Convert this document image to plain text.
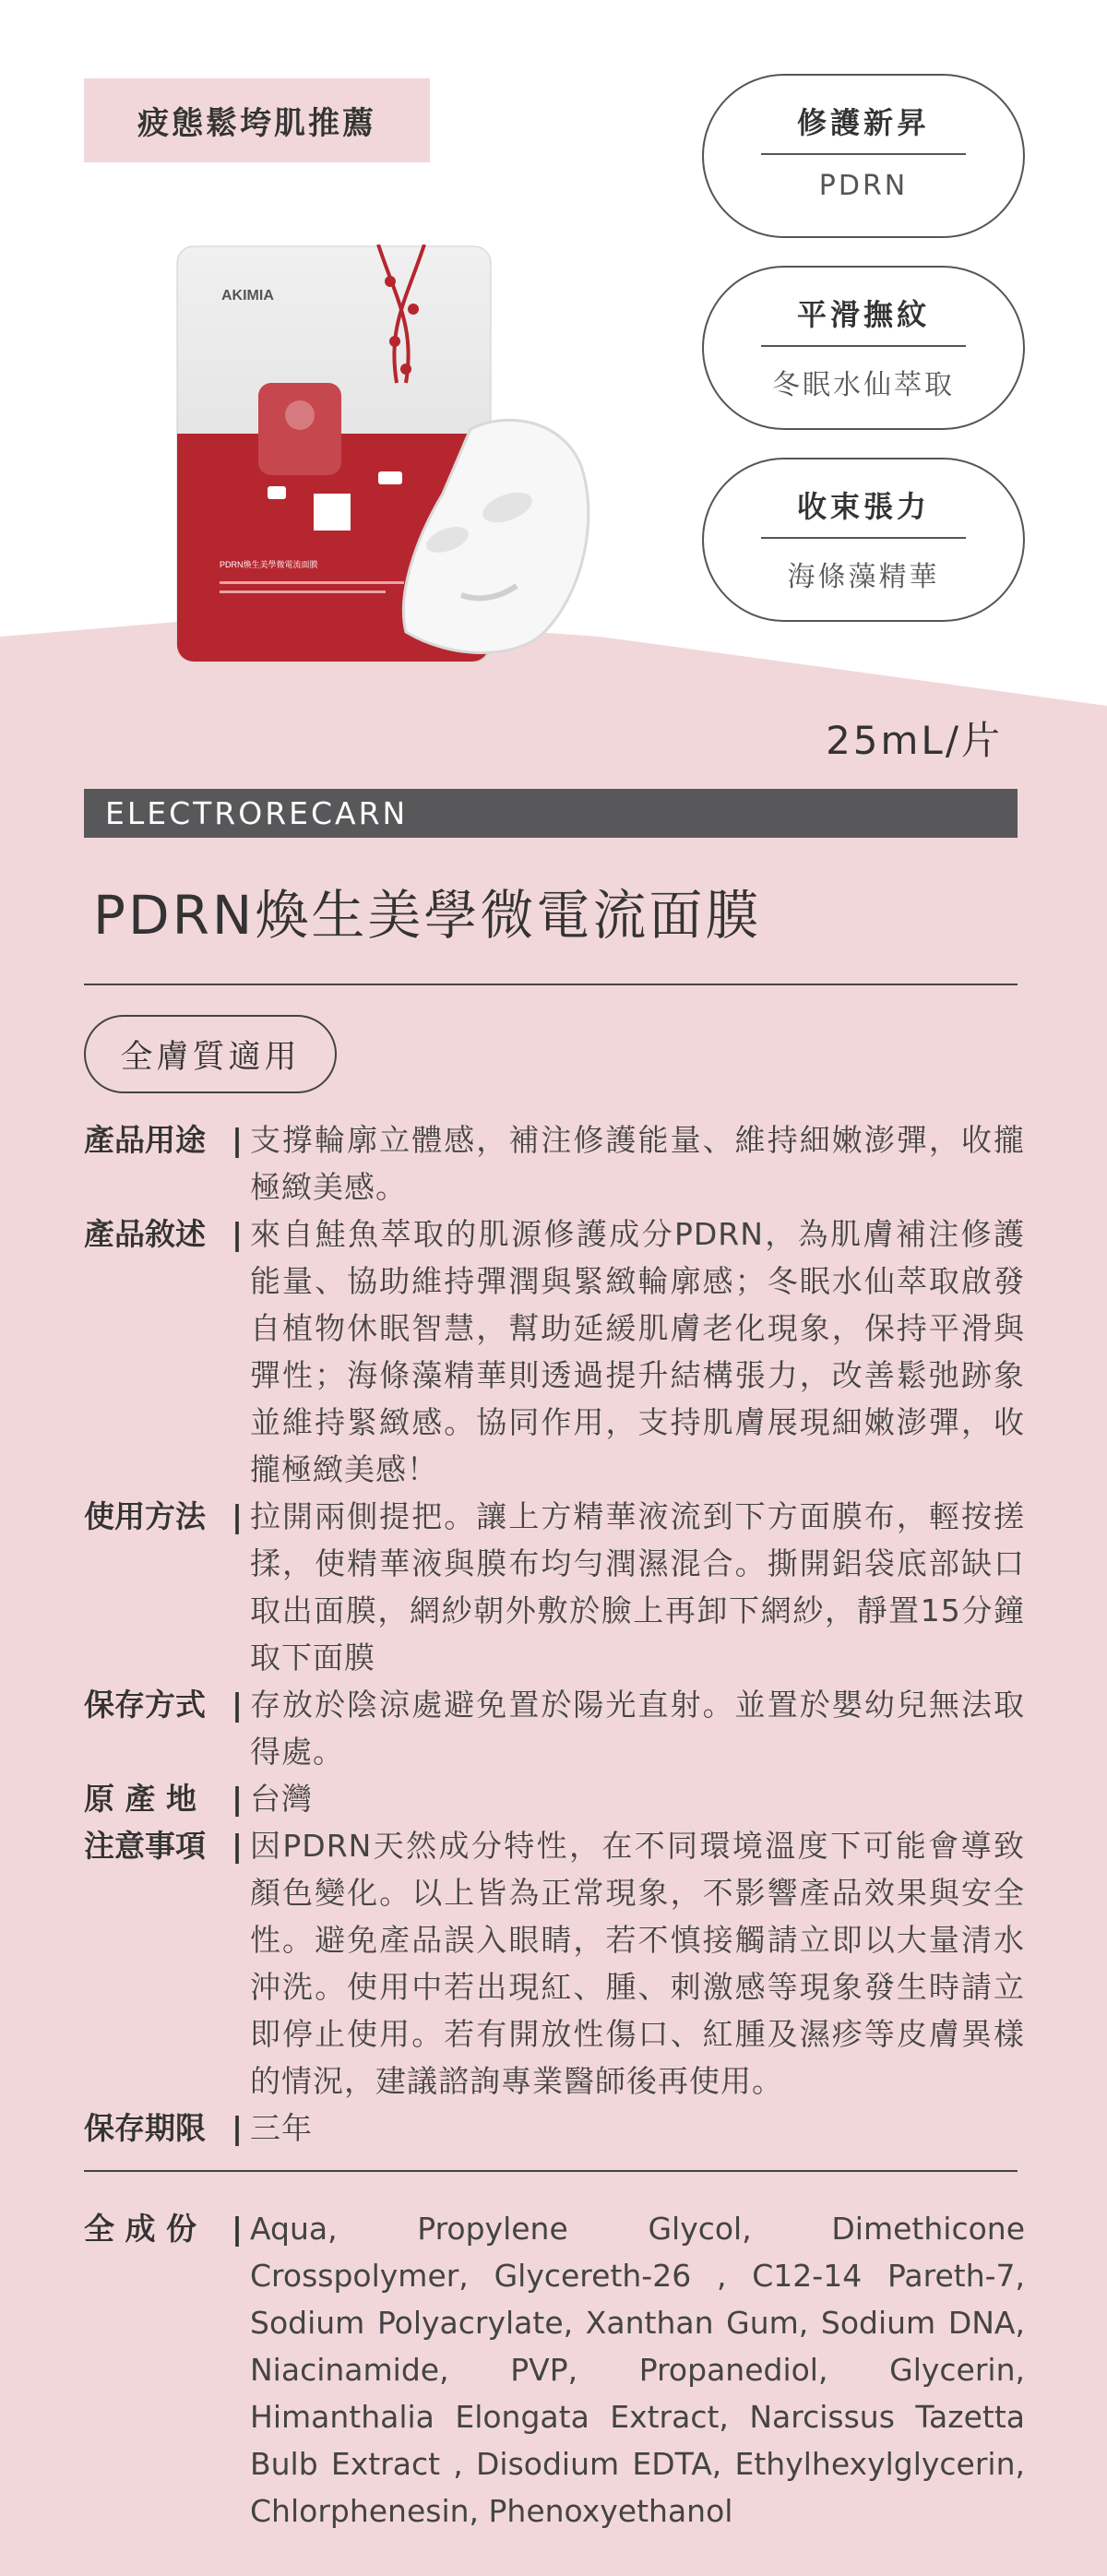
疲態鬆垮肌推薦	修護新昇
PDRN
平滑撫紋
冬眠水仙萃取
收束張力
海條藻精華
AKIMIA
PDRN煥生美學微電流面膜
25mL/片
ELECTRORECARN
PDRN煥生美學微電流面膜
全膚質適用
產品用途 | 支撐輪廓立體感，補注修護能量、維持細嫩澎彈，收攏極緻美感。
產品敘述 | 來自鮭魚萃取的肌源修護成分PDRN，為肌膚補注修護能量、協助維持彈潤與緊緻輪廓感；冬眠水仙萃取啟發自植物休眠智慧，幫助延緩肌膚老化現象，保持平滑與彈性；海條藻精華則透過提升結構張力，改善鬆弛跡象並維持緊緻感。協同作用，支持肌膚展現細嫩澎彈，收攏極緻美感！
使用方法 | 拉開兩側提把。讓上方精華液流到下方面膜布，輕按搓揉，使精華液與膜布均勻潤濕混合。撕開鋁袋底部缺口取出面膜，網紗朝外敷於臉上再卸下網紗，靜置15分鐘取下面膜
保存方式 | 存放於陰涼處避免置於陽光直射。並置於嬰幼兒無法取得處。
原 產 地	| 台灣
注意事項 | 因PDRN天然成分特性，在不同環境溫度下可能會導致顏色變化。以上皆為正常現象，不影響產品效果與安全性。避免產品誤入眼睛，若不慎接觸請立即以大量清水沖洗。使用中若出現紅、腫、刺激感等現象發生時請立即停止使用。若有開放性傷口、紅腫及濕疹等皮膚異樣的情況，建議諮詢專業醫師後再使用。
保存期限 | 三年
全 成 份	| Aqua, Propylene Glycol, Dimethicone Crosspolymer, Glycereth-26 , C12-14 Pareth-7, Sodium Polyacrylate, Xanthan Gum, Sodium DNA, Niacinamide, PVP, Propanediol, Glycerin, Himanthalia Elongata Extract, Narcissus Tazetta Bulb Extract , Disodium EDTA, Ethylhexylglycerin, Chlorphenesin, Phenoxyethanol
